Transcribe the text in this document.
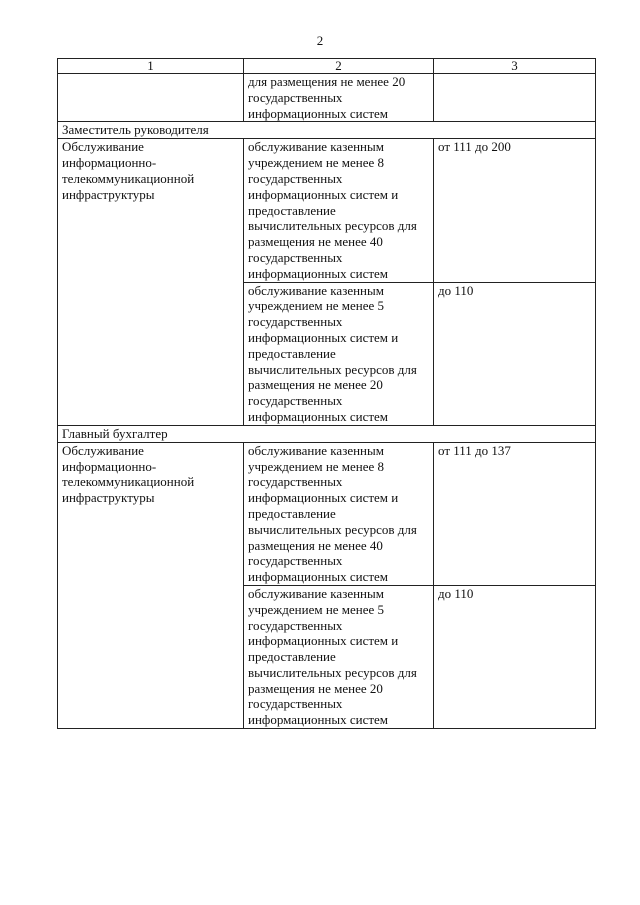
2
1	2	3

	для размещения не менее 20 государственных информационных систем	

Заместитель руководителя		

Обслуживание информационно-телекоммуникационной инфраструктуры	обслуживание казенным учреждением не менее 8 государственных информационных систем и предоставление вычислительных ресурсов для размещения не менее 40 государственных информационных систем	от 111 до 200

	обслуживание казенным учреждением не менее 5 государственных информационных систем и предоставление вычислительных ресурсов для размещения не менее 20 государственных информационных систем	до 110
Главный бухгалтер		

Обслуживание информационно-телекоммуникационной инфраструктуры	обслуживание казенным учреждением не менее 8 государственных информационных систем и предоставление вычислительных ресурсов для размещения не менее 40 государственных информационных систем	от 111 до 137

	обслуживание казенным учреждением не менее 5 государственных информационных систем и предоставление вычислительных ресурсов для размещения не менее 20 государственных информационных систем	до 110
